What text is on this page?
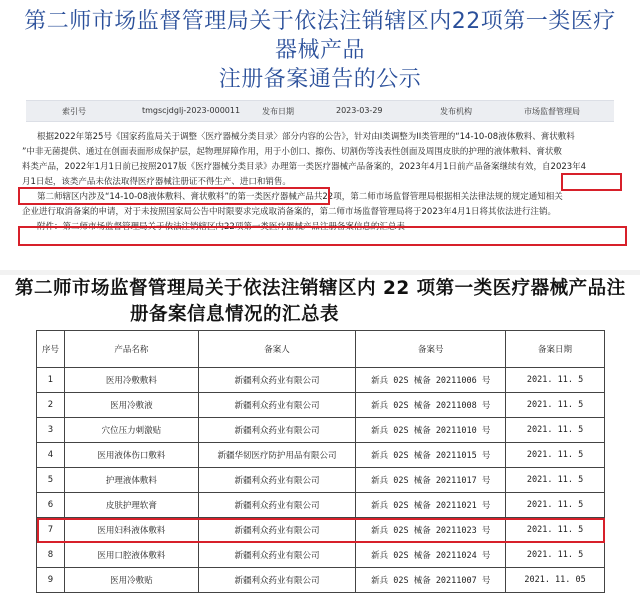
第二师市场监督管理局关于依法注销辖区内22项第一类医疗器械产品
注册备案通告的公示
索引号	tmgscjdglj-2023-000011	发布日期	2023-03-29	发布机构	市场监督管理局

根据2022年第25号《国家药监局关于调整〈医疗器械分类目录〉部分内容的公告》，针对由I类调整为II类管理的“14-10-08液体敷料、膏状敷料
”中非无菌提供、通过在创面表面形成保护层，起物理屏障作用，用于小创口、擦伤、切割伤等浅表性创面及周围皮肤的护理的液体敷料、膏状敷
料类产品，2022年1月1日前已按照2017版《医疗器械分类目录》办理第一类医疗器械产品备案的，2023年4月1日前产品备案继续有效，自2023年4
月1日起，该类产品未依法取得医疗器械注册证不得生产、进口和销售。

第二师辖区内涉及“14-10-08液体敷料、膏状敷料”的第一类医疗器械产品共22项，第二师市场监督管理局根据相关法律法规的规定通知相关
企业进行取消备案的申请，对于未按照国家局公告中时限要求完成取消备案的，第二师市场监督管理局将于2023年4月1日将其依法进行注销。

附件：第二师市场监督管理局关于依法注销辖区内22项第一类医疗器械产品注册备案信息的汇总表

第二师市场监督管理局关于依法注销辖区内 22 项第一类医疗器械产品注
册备案信息情况的汇总表
序号	产品名称	备案人	备案号	备案日期
1	医用冷敷敷料	新疆利众药业有限公司	新兵 02S 械备 20211006 号	2021. 11. 5
2	医用冷敷液	新疆利众药业有限公司	新兵 02S 械备 20211008 号	2021. 11. 5
3	穴位压力刺激贴	新疆利众药业有限公司	新兵 02S 械备 20211010 号	2021. 11. 5
4	医用液体伤口敷料	新疆华韧医疗防护用品有限公司	新兵 02S 械备 20211015 号	2021. 11. 5
5	护理液体敷料	新疆利众药业有限公司	新兵 02S 械备 20211017 号	2021. 11. 5
6	皮肤护理软膏	新疆利众药业有限公司	新兵 02S 械备 20211021 号	2021. 11. 5
7	医用妇科液体敷料	新疆利众药业有限公司	新兵 02S 械备 20211023 号	2021. 11. 5
8	医用口腔液体敷料	新疆利众药业有限公司	新兵 02S 械备 20211024 号	2021. 11. 5
9	医用冷敷贴	新疆利众药业有限公司	新兵 02S 械备 20211007 号	2021. 11. 05
